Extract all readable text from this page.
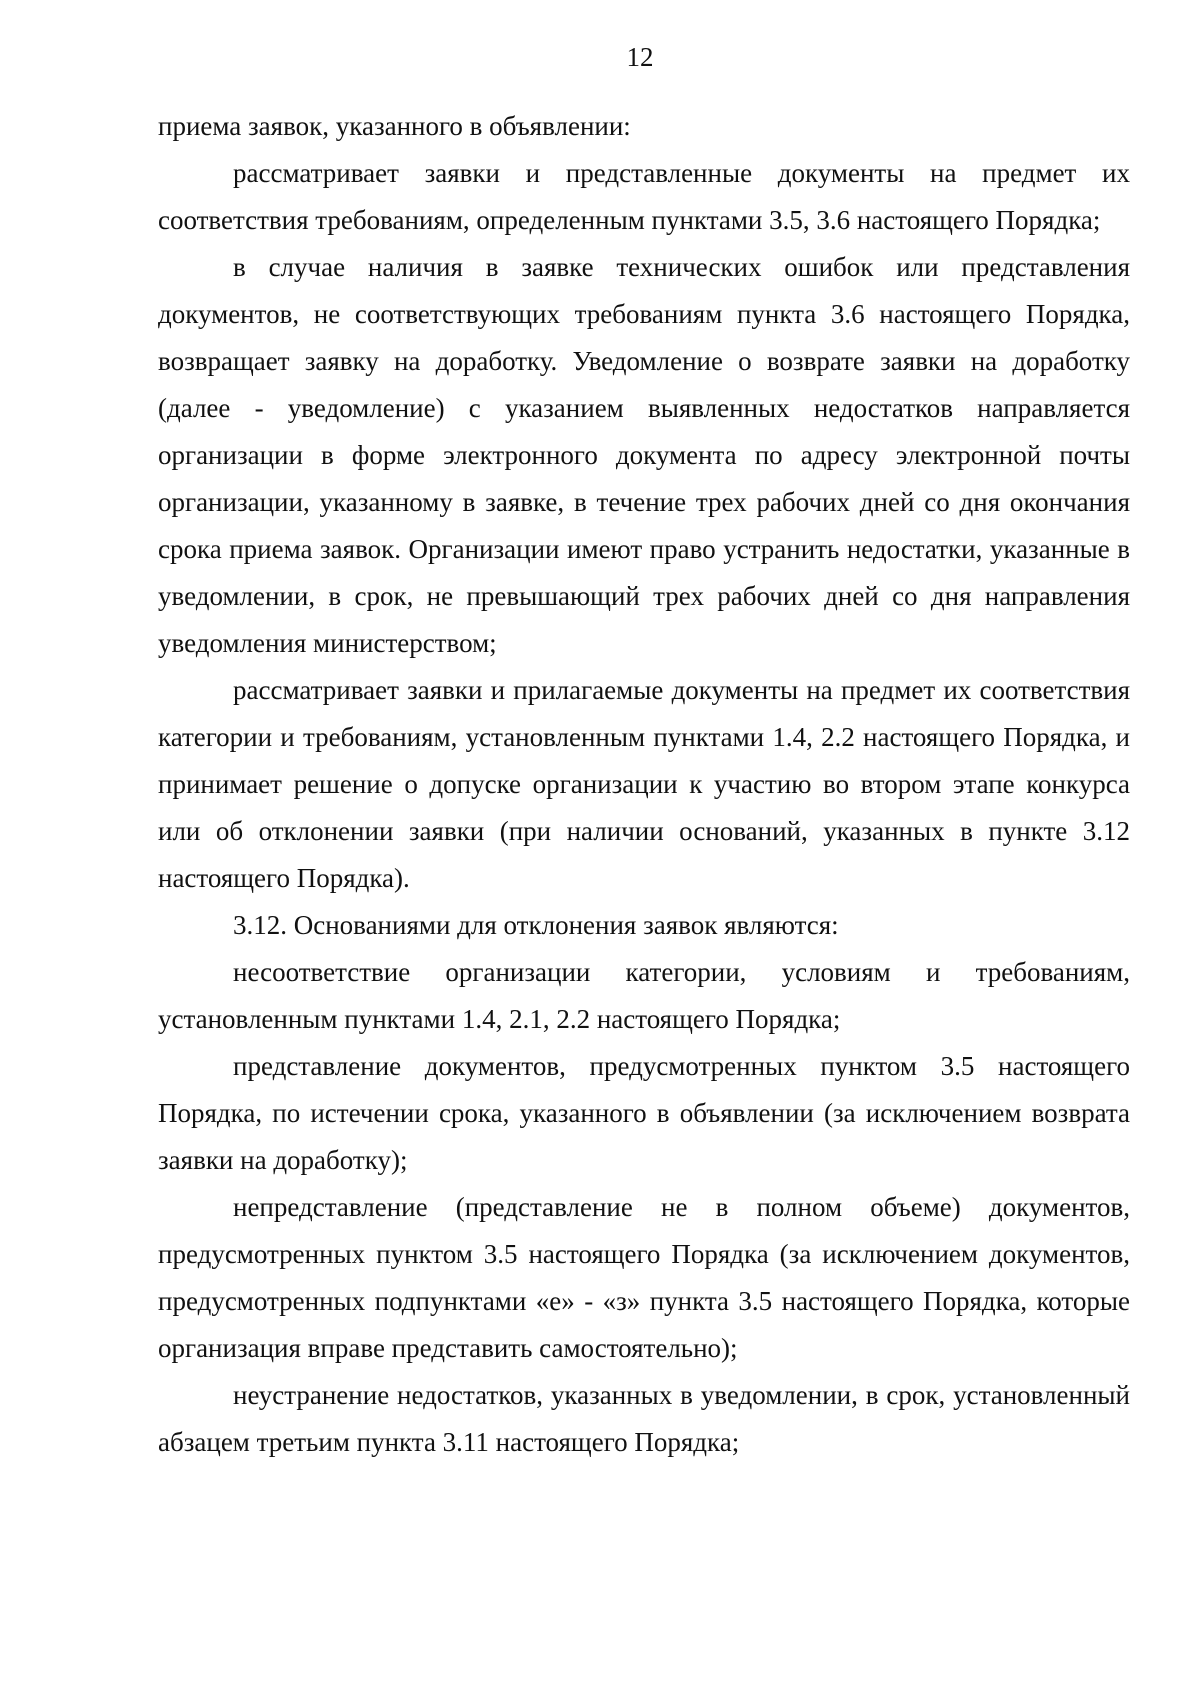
12

приема заявок, указанного в объявлении:

рассматривает заявки и представленные документы на предмет их соответствия требованиям, определенным пунктами 3.5, 3.6 настоящего Порядка;

в случае наличия в заявке технических ошибок или представления документов, не соответствующих требованиям пункта 3.6 настоящего Порядка, возвращает заявку на доработку. Уведомление о возврате заявки на доработку (далее - уведомление) с указанием выявленных недостатков направляется организации в форме электронного документа по адресу электронной почты организации, указанному в заявке, в течение трех рабочих дней со дня окончания срока приема заявок. Организации имеют право устранить недостатки, указанные в уведомлении, в срок, не превышающий трех рабочих дней со дня направления уведомления министерством;

рассматривает заявки и прилагаемые документы на предмет их соответствия категории и требованиям, установленным пунктами 1.4, 2.2 настоящего Порядка, и принимает решение о допуске организации к участию во втором этапе конкурса или об отклонении заявки (при наличии оснований, указанных в пункте 3.12 настоящего Порядка).

3.12. Основаниями для отклонения заявок являются:

несоответствие организации категории, условиям и требованиям, установленным пунктами 1.4, 2.1, 2.2 настоящего Порядка;

представление документов, предусмотренных пунктом 3.5 настоящего Порядка, по истечении срока, указанного в объявлении (за исключением возврата заявки на доработку);

непредставление (представление не в полном объеме) документов, предусмотренных пунктом 3.5 настоящего Порядка (за исключением документов, предусмотренных подпунктами «е» - «з» пункта 3.5 настоящего Порядка, которые организация вправе представить самостоятельно);

неустранение недостатков, указанных в уведомлении, в срок, установленный абзацем третьим пункта 3.11 настоящего Порядка;
